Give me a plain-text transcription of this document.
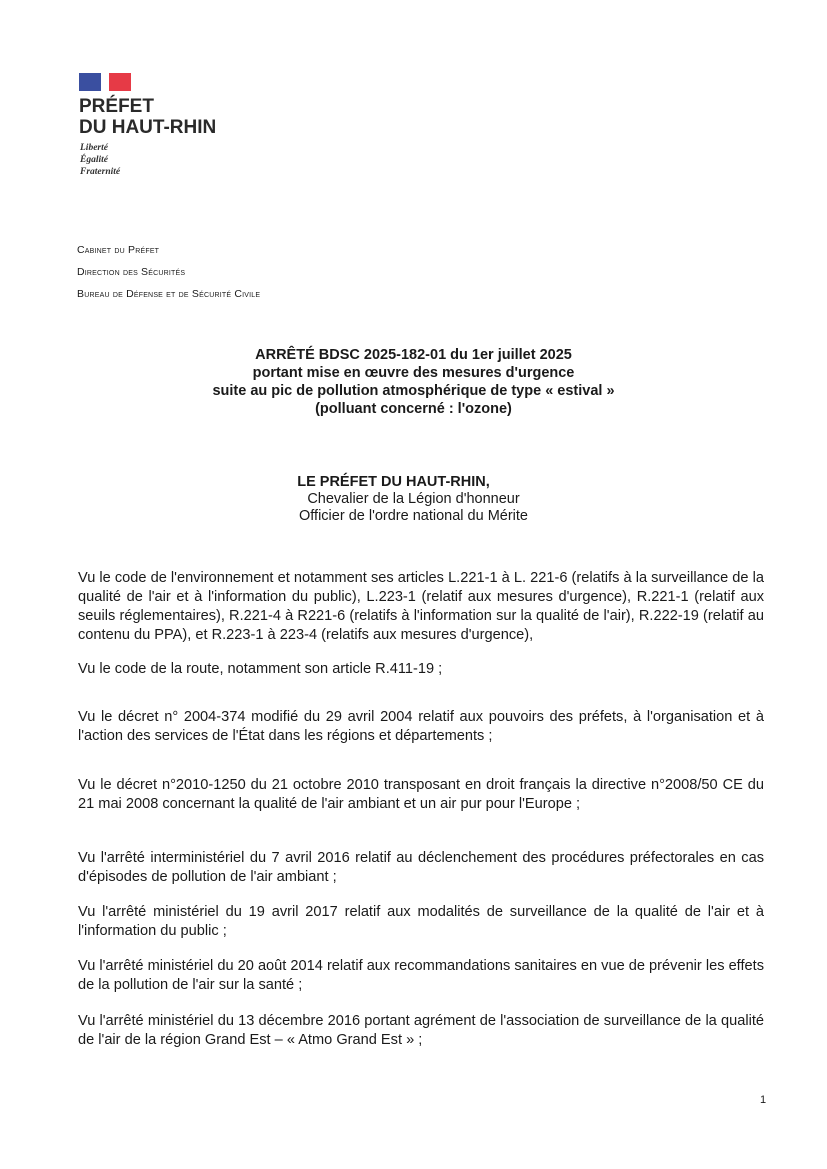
PRÉFET
DU HAUT-RHIN
Liberté
Égalité
Fraternité
Cabinet du Préfet
Direction des Sécurités
Bureau de Défense et de Sécurité Civile
ARRÊTÉ BDSC 2025-182-01 du 1er juillet 2025
portant mise en œuvre des mesures d'urgence
suite au pic de pollution atmosphérique de type « estival »
(polluant concerné : l'ozone)
LE PRÉFET DU HAUT-RHIN,
Chevalier de la Légion d'honneur
Officier de l'ordre national du Mérite
Vu le code de l'environnement et notamment ses articles L.221-1 à L. 221-6 (relatifs à la surveillance de la qualité de l'air et à l'information du public), L.223-1 (relatif aux mesures d'urgence), R.221-1 (relatif aux seuils réglementaires), R.221-4 à R221-6 (relatifs à l'information sur la qualité de l'air), R.222-19 (relatif au contenu du PPA), et R.223-1 à 223-4 (relatifs aux mesures d'urgence),
Vu le code de la route, notamment son article R.411-19 ;
Vu le décret n° 2004-374 modifié du 29 avril 2004 relatif aux pouvoirs des préfets, à l'organisation et à l'action des services de l'État dans les régions et départements ;
Vu le décret n°2010-1250 du 21 octobre 2010 transposant en droit français la directive n°2008/50 CE du 21 mai 2008 concernant la qualité de l'air ambiant et un air pur pour l'Europe ;
Vu l'arrêté interministériel du 7 avril 2016 relatif au déclenchement des procédures préfectorales en cas d'épisodes de pollution de l'air ambiant ;
Vu l'arrêté ministériel du 19 avril 2017 relatif aux modalités de surveillance de la qualité de l'air et à l'information du public ;
Vu l'arrêté ministériel du 20 août 2014 relatif aux recommandations sanitaires en vue de prévenir les effets de la pollution de l'air sur la santé ;
Vu l'arrêté ministériel du 13 décembre 2016 portant agrément de l'association de surveillance de la qualité de l'air de la région Grand Est – « Atmo Grand Est » ;
1
